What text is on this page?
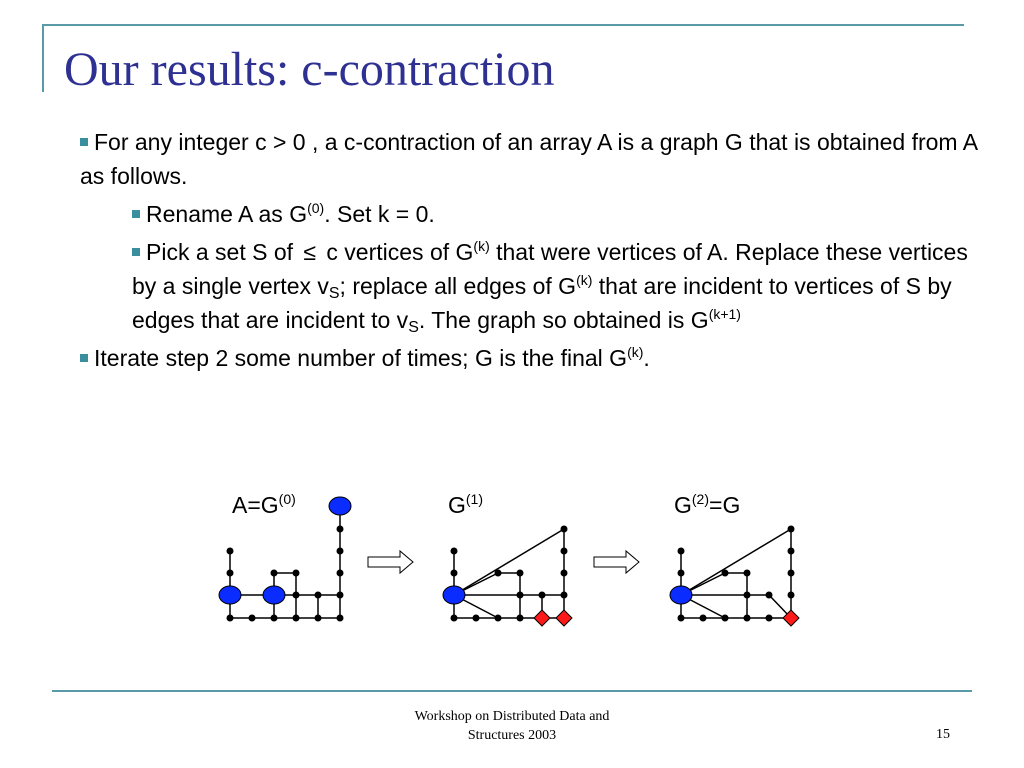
Our results: c-contraction

For any integer c > 0 , a c-contraction of an array A is a graph G that is obtained from A as follows.

Rename A as $G^{(0)}$. Set k = 0.

Pick a set S of ≤ c vertices of $G^{(k)}$ that were vertices of A. Replace these vertices by a single vertex $v_S$; replace all edges of $G^{(k)}$ that are incident to vertices of S by edges that are incident to $v_S$. The graph so obtained is $G^{(k+1)}$

Iterate step 2 some number of times; G is the final $G^{(k)}$.

$A=G^{(0)}$	$G^{(1)}$	$G^{(2)}=G$
Workshop on Distributed Data and
Structures 2003	15
